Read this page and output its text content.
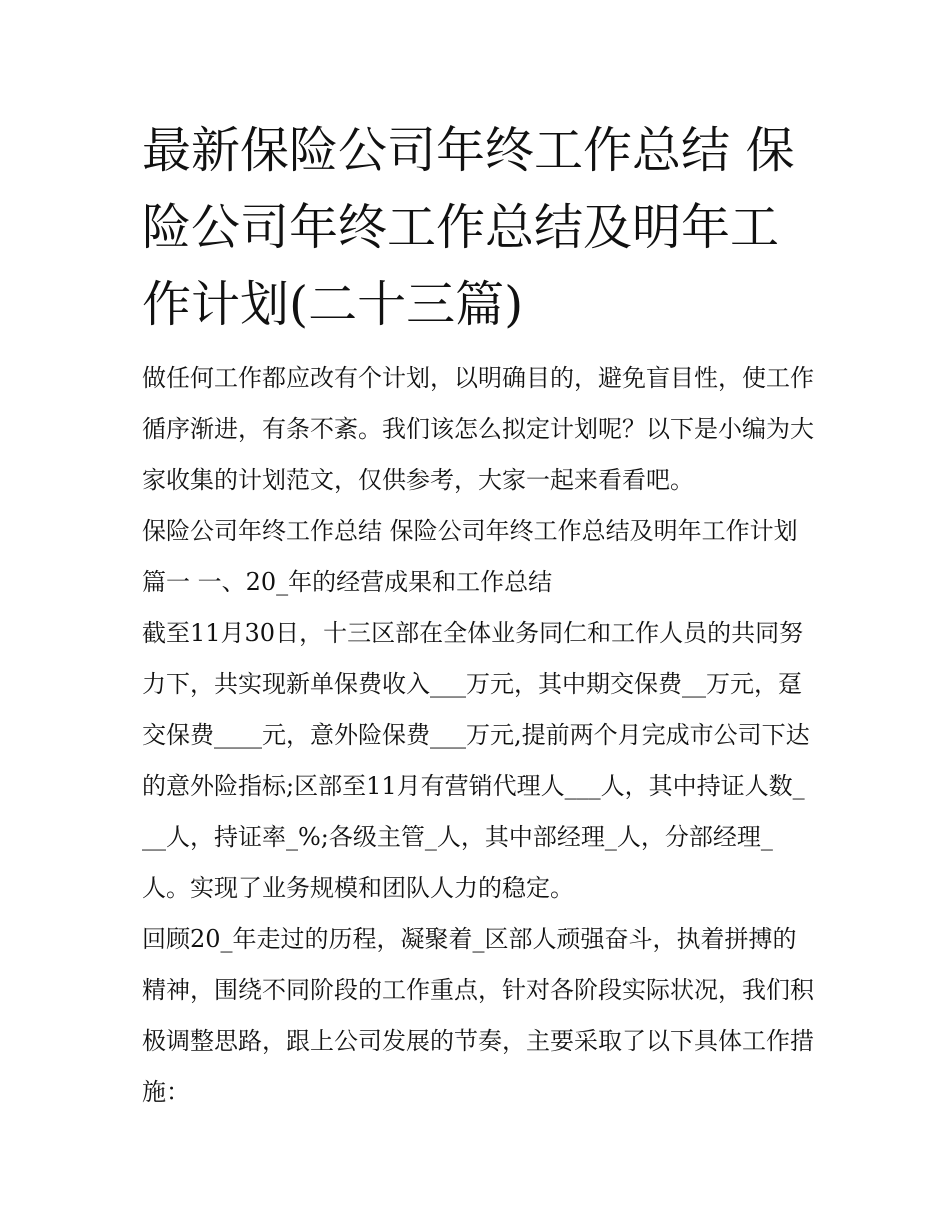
最新保险公司年终工作总结 保险公司年终工作总结及明年工作计划(二十三篇)

做任何工作都应改有个计划，以明确目的，避免盲目性，使工作循序渐进，有条不紊。我们该怎么拟定计划呢？以下是小编为大家收集的计划范文，仅供参考，大家一起来看看吧。

保险公司年终工作总结 保险公司年终工作总结及明年工作计划篇一 一、20_年的经营成果和工作总结

截至11月30日，十三区部在全体业务同仁和工作人员的共同努力下，共实现新单保费收入___万元，其中期交保费__万元，趸交保费____元，意外险保费___万元,提前两个月完成市公司下达的意外险指标;区部至11月有营销代理人___人，其中持证人数___人，持证率_%;各级主管_人，其中部经理_人，分部经理_人。实现了业务规模和团队人力的稳定。

回顾20_年走过的历程，凝聚着_区部人顽强奋斗，执着拼搏的精神，围绕不同阶段的工作重点，针对各阶段实际状况，我们积极调整思路，跟上公司发展的节奏，主要采取了以下具体工作措施：
